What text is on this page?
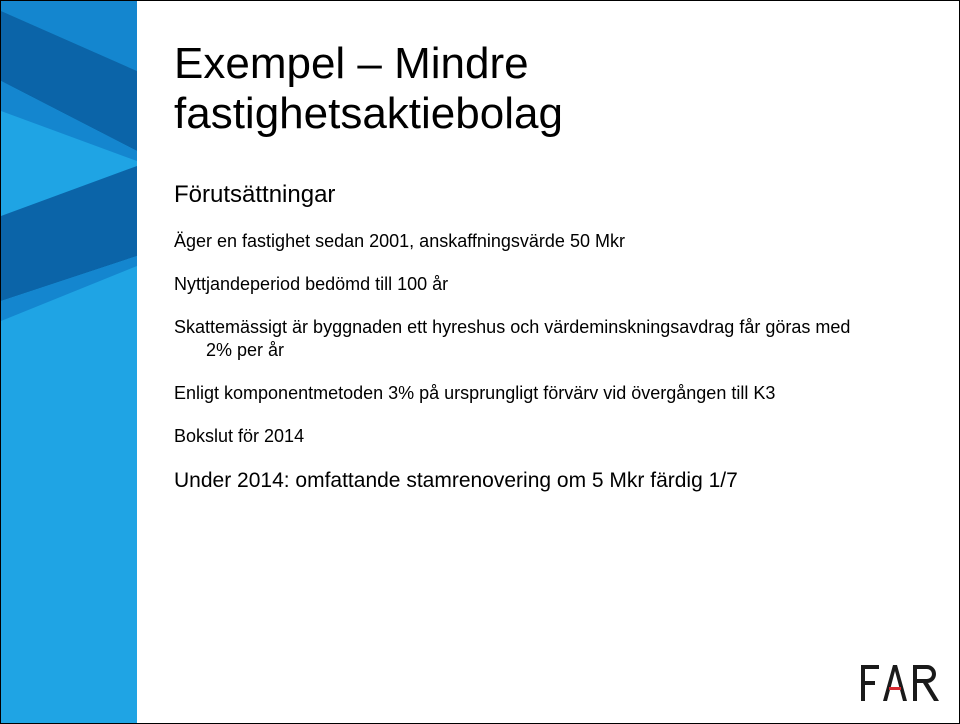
Exempel – Mindre
fastighetsaktiebolag
Förutsättningar
Äger en fastighet sedan 2001, anskaffningsvärde 50 Mkr
Nyttjandeperiod bedömd till 100 år
Skattemässigt är byggnaden ett hyreshus och värdeminskningsavdrag får göras med 2% per år
Enligt komponentmetoden 3% på ursprungligt förvärv vid övergången till K3
Bokslut för 2014
Under 2014: omfattande stamrenovering om 5 Mkr färdig 1/7
